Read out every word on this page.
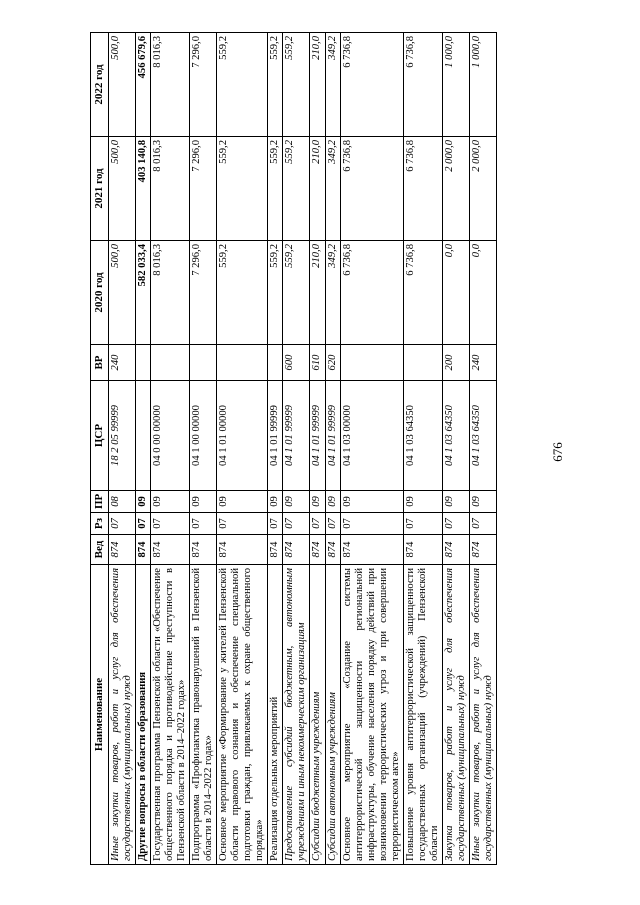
676
Наименование	Вед	Рз	ПР	ЦСР	ВР	2020 год	2021 год	2022 год
Иные закупки товаров, работ и услуг для обеспечения государственных (муниципальных) нужд	874	07	08	18 2 05 99999	240	500,0	500,0	500,0
Другие вопросы в области образования	874	07	09			582 033,4	403 140,8	456 679,6
Государственная программа Пензенской области «Обеспечение общественного порядка и противодействие преступности в Пензенской области в 2014–2022 годах»	874	07	09	04 0 00 00000		8 016,3	8 016,3	8 016,3
Подпрограмма «Профилактика правонарушений в Пензенской области в 2014–2022 годах»	874	07	09	04 1 00 00000		7 296,0	7 296,0	7 296,0
Основное мероприятие «Формирование у жителей Пензенской области правового сознания и обеспечение специальной подготовки граждан, привлекаемых к охране общественного порядка»	874	07	09	04 1 01 00000		559,2	559,2	559,2
Реализация отдельных мероприятий	874	07	09	04 1 01 99999		559,2	559,2	559,2
Предоставление субсидий бюджетным, автономным учреждениям и иным некоммерческим организациям	874	07	09	04 1 01 99999	600	559,2	559,2	559,2
Субсидии бюджетным учреждениям	874	07	09	04 1 01 99999	610	210,0	210,0	210,0
Субсидии автономным учреждениям	874	07	09	04 1 01 99999	620	349,2	349,2	349,2
Основное мероприятие «Создание системы антитеррористической защищенности региональной инфраструктуры, обучение населения порядку действий при возникновении террористических угроз и при совершении террористическом акте»	874	07	09	04 1 03 00000		6 736,8	6 736,8	6 736,8
Повышение уровня антитеррористической защищенности государственных организаций (учреждений) Пензенской области	874	07	09	04 1 03 64350		6 736,8	6 736,8	6 736,8
Закупка товаров, работ и услуг для обеспечения государственных (муниципальных) нужд	874	07	09	04 1 03 64350	200	0,0	2 000,0	1 000,0
Иные закупки товаров, работ и услуг для обеспечения государственных (муниципальных) нужд	874	07	09	04 1 03 64350	240	0,0	2 000,0	1 000,0
